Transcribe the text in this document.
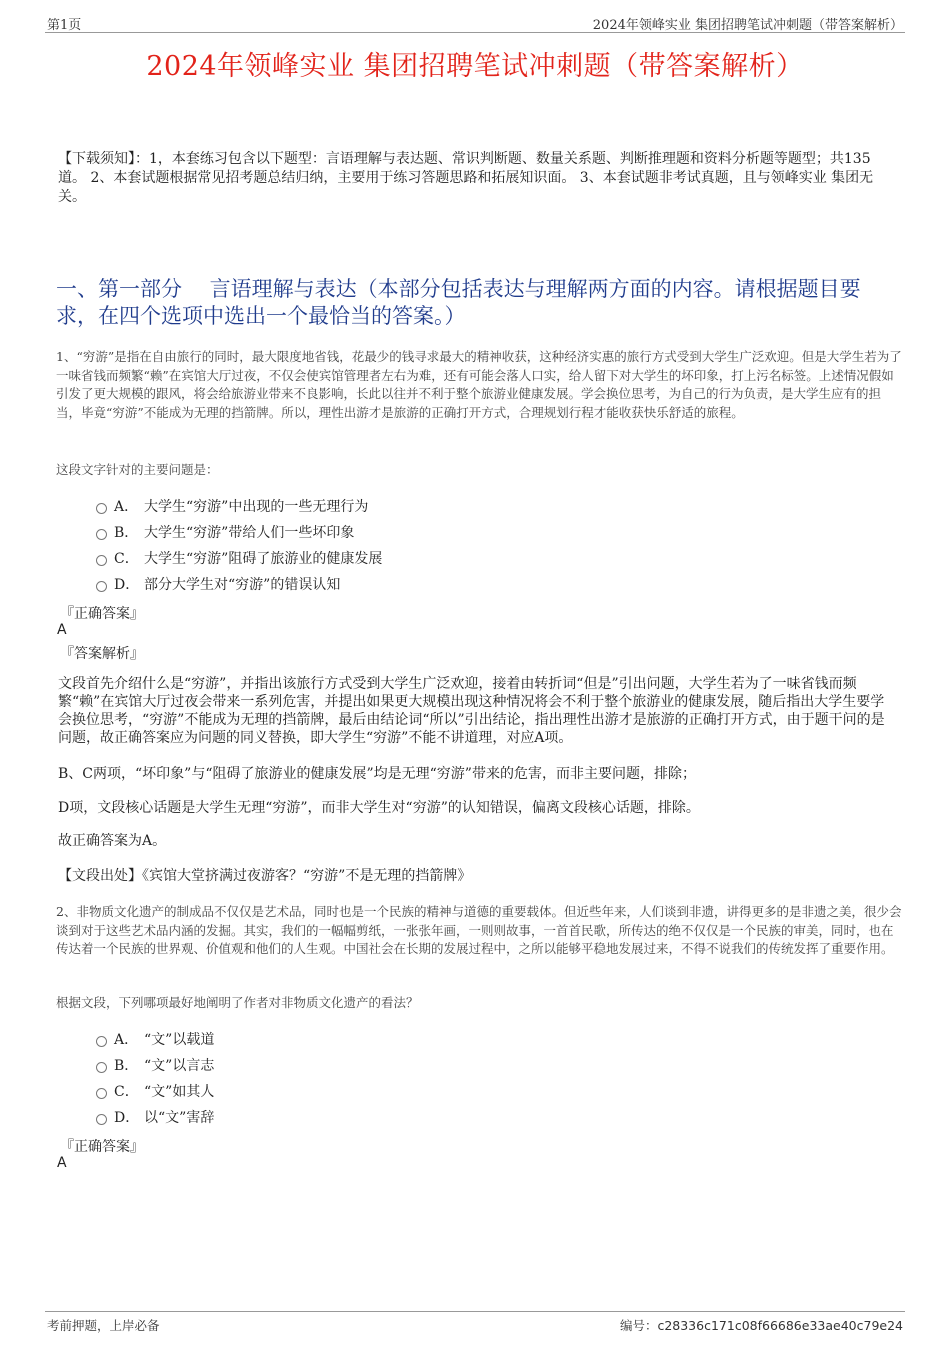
第1页	2024年领峰实业 集团招聘笔试冲刺题（带答案解析）
2024年领峰实业 集团招聘笔试冲刺题（带答案解析）
【下载须知】：1，本套练习包含以下题型：言语理解与表达题、常识判断题、数量关系题、判断推理题和资料分析题等题型；共135道。 2、本套试题根据常见招考题总结归纳，主要用于练习答题思路和拓展知识面。 3、本套试题非考试真题，且与领峰实业 集团无关。
一、第一部分　 言语理解与表达（本部分包括表达与理解两方面的内容。请根据题目要求，在四个选项中选出一个最恰当的答案。）
1、“穷游”是指在自由旅行的同时，最大限度地省钱，花最少的钱寻求最大的精神收获，这种经济实惠的旅行方式受到大学生广泛欢迎。但是大学生若为了一味省钱而频繁“赖”在宾馆大厅过夜，不仅会使宾馆管理者左右为难，还有可能会落人口实，给人留下对大学生的坏印象，打上污名标签。上述情况假如引发了更大规模的跟风，将会给旅游业带来不良影响，长此以往并不利于整个旅游业健康发展。学会换位思考，为自己的行为负责，是大学生应有的担当，毕竟“穷游”不能成为无理的挡箭牌。所以，理性出游才是旅游的正确打开方式，合理规划行程才能收获快乐舒适的旅程。
这段文字针对的主要问题是：
A． 大学生“穷游”中出现的一些无理行为
B． 大学生“穷游”带给人们一些坏印象
C． 大学生“穷游”阻碍了旅游业的健康发展
D． 部分大学生对“穷游”的错误认知
『正确答案』
A
『答案解析』
文段首先介绍什么是“穷游”，并指出该旅行方式受到大学生广泛欢迎，接着由转折词“但是”引出问题，大学生若为了一味省钱而频繁“赖”在宾馆大厅过夜会带来一系列危害，并提出如果更大规模出现这种情况将会不利于整个旅游业的健康发展，随后指出大学生要学会换位思考，“穷游”不能成为无理的挡箭牌，最后由结论词“所以”引出结论，指出理性出游才是旅游的正确打开方式，由于题干问的是问题，故正确答案应为问题的同义替换，即大学生“穷游”不能不讲道理，对应A项。
B、C两项，“坏印象”与“阻碍了旅游业的健康发展”均是无理“穷游”带来的危害，而非主要问题，排除；
D项，文段核心话题是大学生无理“穷游”，而非大学生对“穷游”的认知错误，偏离文段核心话题，排除。
故正确答案为A。
【文段出处】《宾馆大堂挤满过夜游客？“穷游”不是无理的挡箭牌》
2、非物质文化遗产的制成品不仅仅是艺术品，同时也是一个民族的精神与道德的重要载体。但近些年来，人们谈到非遗，讲得更多的是非遗之美，很少会谈到对于这些艺术品内涵的发掘。其实，我们的一幅幅剪纸，一张张年画，一则则故事，一首首民歌，所传达的绝不仅仅是一个民族的审美，同时，也在传达着一个民族的世界观、价值观和他们的人生观。中国社会在长期的发展过程中，之所以能够平稳地发展过来，不得不说我们的传统发挥了重要作用。
根据文段，下列哪项最好地阐明了作者对非物质文化遗产的看法？
A． “文”以载道
B． “文”以言志
C． “文”如其人
D． 以“文”害辞
『正确答案』
A
考前押题，上岸必备	编号：c28336c171c08f66686e33ae40c79e24
